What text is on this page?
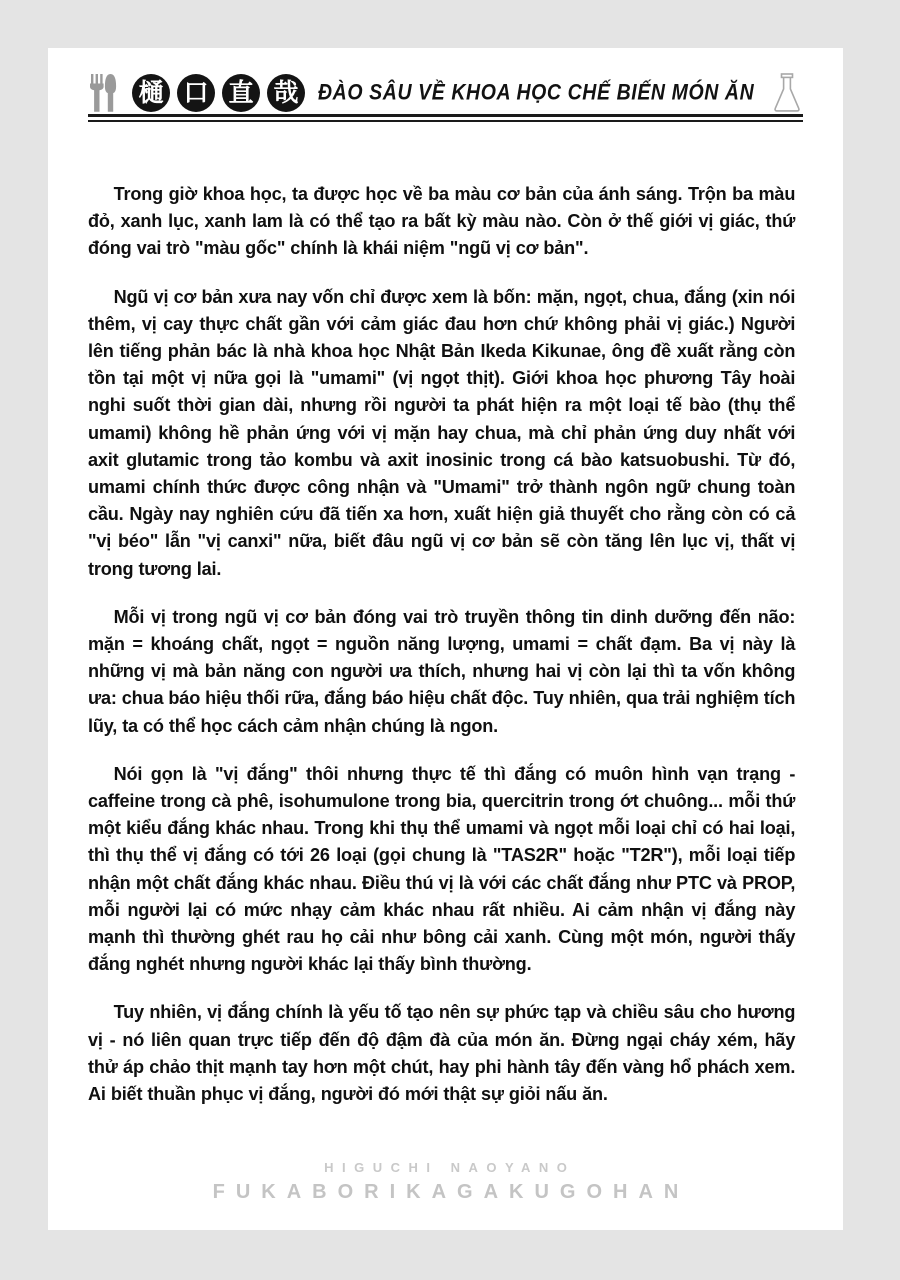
樋 口 直 哉	ĐÀO SÂU VỀ KHOA HỌC CHẾ BIẾN MÓN ĂN

Trong giờ khoa học, ta được học về ba màu cơ bản của ánh sáng. Trộn ba màu đỏ, xanh lục, xanh lam là có thể tạo ra bất kỳ màu nào. Còn ở thế giới vị giác, thứ đóng vai trò "màu gốc" chính là khái niệm "ngũ vị cơ bản".

Ngũ vị cơ bản xưa nay vốn chỉ được xem là bốn: mặn, ngọt, chua, đắng (xin nói thêm, vị cay thực chất gần với cảm giác đau hơn chứ không phải vị giác.) Người lên tiếng phản bác là nhà khoa học Nhật Bản Ikeda Kikunae, ông đề xuất rằng còn tồn tại một vị nữa gọi là "umami" (vị ngọt thịt). Giới khoa học phương Tây hoài nghi suốt thời gian dài, nhưng rồi người ta phát hiện ra một loại tế bào (thụ thể umami) không hề phản ứng với vị mặn hay chua, mà chỉ phản ứng duy nhất với axit glutamic trong tảo kombu và axit inosinic trong cá bào katsuobushi. Từ đó, umami chính thức được công nhận và "Umami" trở thành ngôn ngữ chung toàn cầu. Ngày nay nghiên cứu đã tiến xa hơn, xuất hiện giả thuyết cho rằng còn có cả "vị béo" lẫn "vị canxi" nữa, biết đâu ngũ vị cơ bản sẽ còn tăng lên lục vị, thất vị trong tương lai.

Mỗi vị trong ngũ vị cơ bản đóng vai trò truyền thông tin dinh dưỡng đến não: mặn = khoáng chất, ngọt = nguồn năng lượng, umami = chất đạm. Ba vị này là những vị mà bản năng con người ưa thích, nhưng hai vị còn lại thì ta vốn không ưa: chua báo hiệu thối rữa, đắng báo hiệu chất độc. Tuy nhiên, qua trải nghiệm tích lũy, ta có thể học cách cảm nhận chúng là ngon.

Nói gọn là "vị đắng" thôi nhưng thực tế thì đắng có muôn hình vạn trạng - caffeine trong cà phê, isohumulone trong bia, quercitrin trong ớt chuông... mỗi thứ một kiểu đắng khác nhau. Trong khi thụ thể umami và ngọt mỗi loại chỉ có hai loại, thì thụ thể vị đắng có tới 26 loại (gọi chung là "TAS2R" hoặc "T2R"), mỗi loại tiếp nhận một chất đắng khác nhau. Điều thú vị là với các chất đắng như PTC và PROP, mỗi người lại có mức nhạy cảm khác nhau rất nhiều. Ai cảm nhận vị đắng này mạnh thì thường ghét rau họ cải như bông cải xanh. Cùng một món, người thấy đắng nghét nhưng người khác lại thấy bình thường.

Tuy nhiên, vị đắng chính là yếu tố tạo nên sự phức tạp và chiều sâu cho hương vị - nó liên quan trực tiếp đến độ đậm đà của món ăn. Đừng ngại cháy xém, hãy thử áp chảo thịt mạnh tay hơn một chút, hay phi hành tây đến vàng hổ phách xem. Ai biết thuần phục vị đắng, người đó mới thật sự giỏi nấu ăn.

HIGUCHI NAOYANO
FUKABORIKAGAKUGOHAN
